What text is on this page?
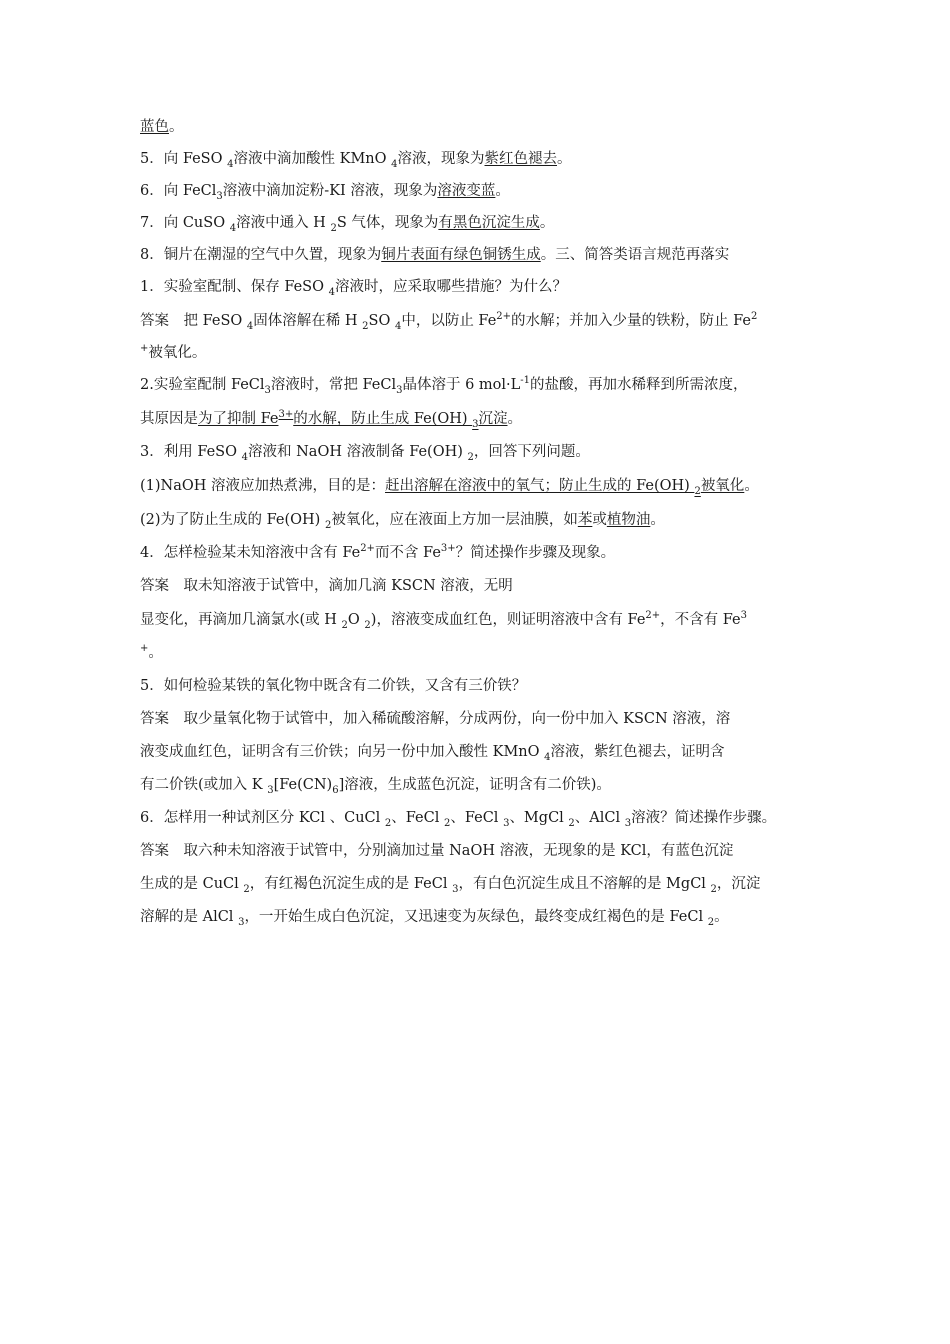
蓝色。
5．向 FeSO $_4$溶液中滴加酸性 KMnO $_4$溶液，现象为紫红色褪去。
6．向 FeCl$_3$溶液中滴加淀粉-KI 溶液，现象为溶液变蓝。
7．向 CuSO $_4$溶液中通入 H $_2$S 气体，现象为有黑色沉淀生成。
8．铜片在潮湿的空气中久置，现象为铜片表面有绿色铜锈生成。三、简答类语言规范再落实
1．实验室配制、保存 FeSO $_4$溶液时，应采取哪些措施？为什么？
答案　把 FeSO $_4$固体溶解在稀 H $_2$SO $_4$中，以防止 $Fe^{2+}$的水解；并加入少量的铁粉，防止 Fe$^2$
+被氧化。
2.实验室配制 FeCl$_3$溶液时，常把 FeCl$_3$晶体溶于 6 $mol\cdot L^{-1}$的盐酸，再加水稀释到所需浓度，
其原因是为了抑制 $Fe^{3+}$的水解，防止生成 Fe(OH) $_3$沉淀。
3．利用 FeSO $_4$溶液和 NaOH 溶液制备 Fe(OH) $_2$，回答下列问题。
(1)NaOH 溶液应加热煮沸，目的是：赶出溶解在溶液中的氧气；防止生成的 Fe(OH) $_2$被氧化。
(2)为了防止生成的 Fe(OH) $_2$被氧化，应在液面上方加一层油膜，如苯或植物油。
4．怎样检验某未知溶液中含有 $Fe^{2+}$而不含 $Fe^{3+}$？简述操作步骤及现象。
答案　取未知溶液于试管中，滴加几滴 KSCN 溶液，无明
显变化，再滴加几滴氯水(或 H $_2$O $_2$)，溶液变成血红色，则证明溶液中含有 $Fe^{2+}$，不含有 Fe$^3$
+。
5．如何检验某铁的氧化物中既含有二价铁，又含有三价铁？
答案　取少量氧化物于试管中，加入稀硫酸溶解，分成两份，向一份中加入 KSCN 溶液，溶
液变成血红色，证明含有三价铁；向另一份中加入酸性 KMnO $_4$溶液，紫红色褪去，证明含
有二价铁(或加入 K $_3[Fe(CN)_6]$溶液，生成蓝色沉淀，证明含有二价铁)。
6．怎样用一种试剂区分 KCl 、CuCl $_2$、FeCl $_2$、FeCl $_3$、MgCl $_2$、AlCl $_3$溶液？简述操作步骤。
答案　取六种未知溶液于试管中，分别滴加过量 NaOH 溶液，无现象的是 KCl，有蓝色沉淀
生成的是 CuCl $_2$，有红褐色沉淀生成的是 FeCl $_3$，有白色沉淀生成且不溶解的是 MgCl $_2$，沉淀
溶解的是 AlCl $_3$，一开始生成白色沉淀，又迅速变为灰绿色，最终变成红褐色的是 FeCl $_2$。
